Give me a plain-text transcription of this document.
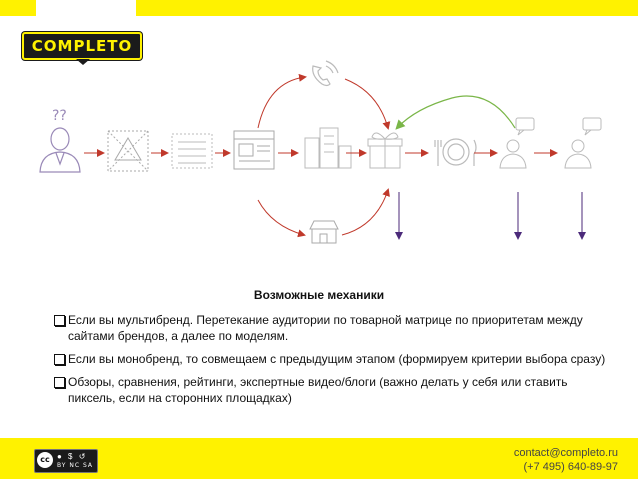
COMPLETO
??
Возможные механики
Если вы мультибренд. Перетекание аудитории по товарной матрице по приоритетам между сайтами брендов, а далее по моделям.
Если вы монобренд, то совмещаем с предыдущим этапом (формируем критерии выбора сразу)
Обзоры, сравнения, рейтинги, экспертные видео/блоги (важно делать у себя или ставить пиксель, если на сторонних площадках)
cc ● $ ↺
BY NC SA
contact@completo.ru
(+7 495) 640-89-97
